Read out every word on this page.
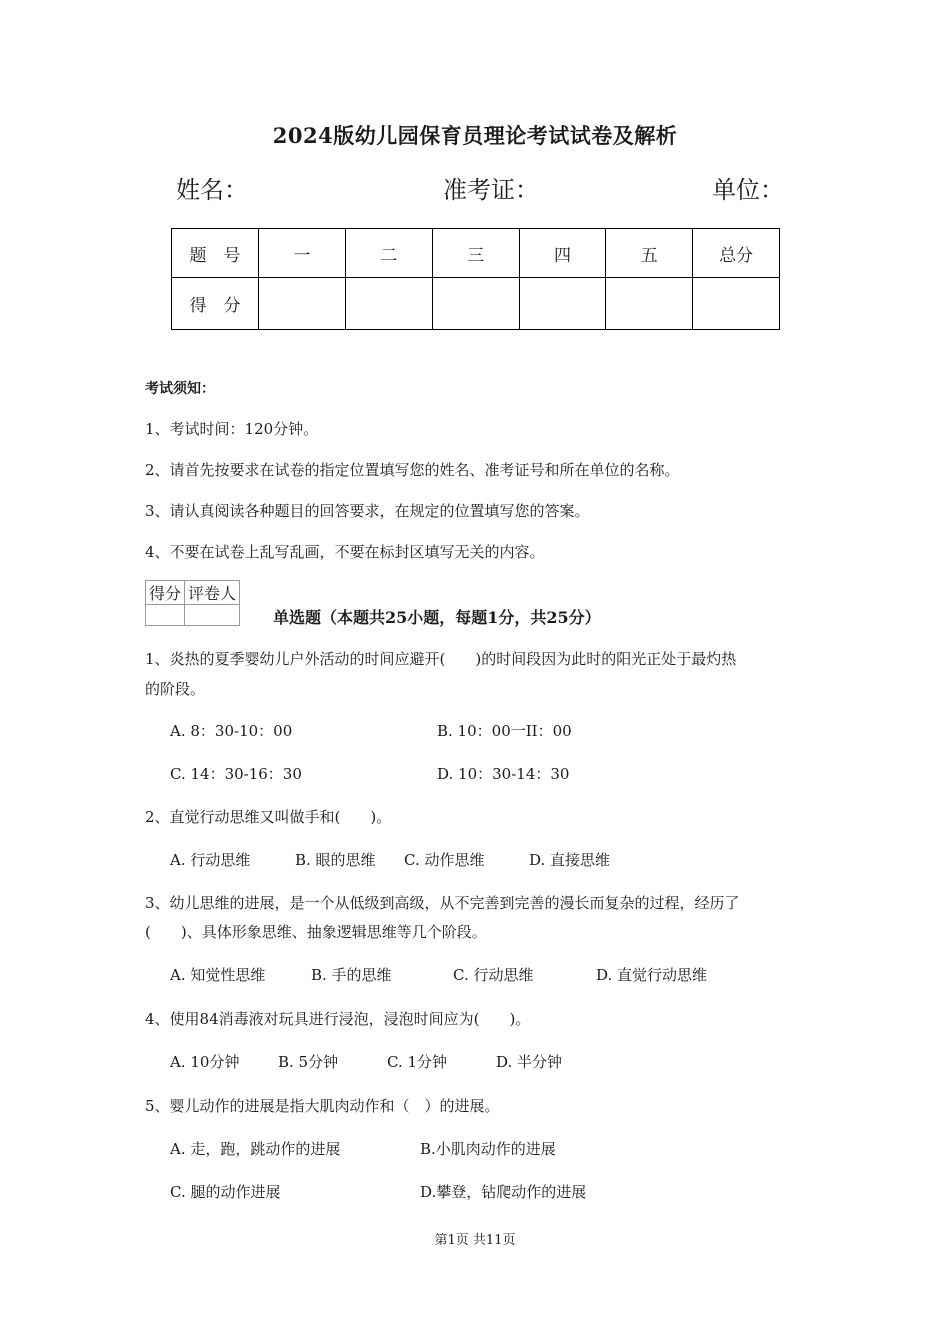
2024版幼儿园保育员理论考试试卷及解析
姓名：	准考证：	单位：
题　号	一	二	三	四	五	总分
得　分						
考试须知：
1、考试时间：120分钟。
2、请首先按要求在试卷的指定位置填写您的姓名、准考证号和所在单位的名称。
3、请认真阅读各种题目的回答要求，在规定的位置填写您的答案。
4、不要在试卷上乱写乱画，不要在标封区填写无关的内容。
得分	评卷人

单选题（本题共25小题，每题1分，共25分）
1、炎热的夏季婴幼儿户外活动的时间应避开(　　)的时间段因为此时的阳光正处于最灼热
的阶段。
A. 8：30-10：00	B. 10：00一II：00
C. 14：30-16：30	D. 10：30-14：30
2、直觉行动思维又叫做手和(　　)。
A. 行动思维	B. 眼的思维 C. 动作思维	D. 直接思维
3、幼儿思维的进展，是一个从低级到高级，从不完善到完善的漫长而复杂的过程，经历了
(　　)、具体形象思维、抽象逻辑思维等几个阶段。
A. 知觉性思维	B. 手的思维	C. 行动思维	D. 直觉行动思维
4、使用84消毒液对玩具进行浸泡，浸泡时间应为(　　)。
A. 10分钟	B. 5分钟	C. 1分钟	D. 半分钟
5、婴儿动作的进展是指大肌肉动作和（　）的进展。
A. 走，跑，跳动作的进展	B.小肌肉动作的进展
C. 腿的动作进展	D.攀登，钻爬动作的进展
第1页 共11页
